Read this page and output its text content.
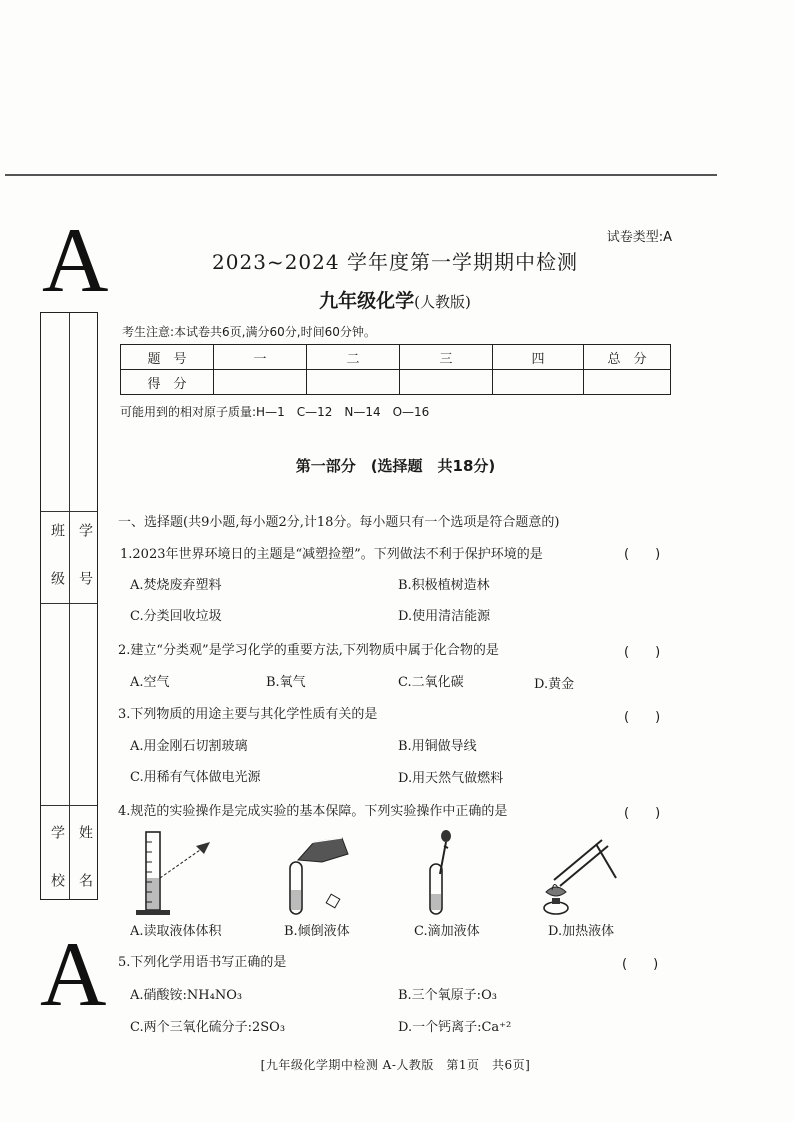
A
A
班　级 学　号
学　校 姓　名
试卷类型:A
2023~2024 学年度第一学期期中检测
九年级化学(人教版)
考生注意:本试卷共6页,满分60分,时间60分钟。
题　号	一	二	三	四	总　分
得　分					
可能用到的相对原子质量:H—1　C—12　N—14　O—16
第一部分　(选择题　共18分)
一、选择题(共9小题,每小题2分,计18分。每小题只有一个选项是符合题意的)
1.2023年世界环境日的主题是“减塑捡塑”。下列做法不利于保护环境的是	(　　)
A.焚烧废弃塑料	B.积极植树造林
C.分类回收垃圾	D.使用清洁能源
2.建立“分类观”是学习化学的重要方法,下列物质中属于化合物的是	(　　)
A.空气	B.氧气	C.二氧化碳	D.黄金
3.下列物质的用途主要与其化学性质有关的是	(　　)
A.用金刚石切割玻璃	B.用铜做导线
C.用稀有气体做电光源	D.用天然气做燃料
4.规范的实验操作是完成实验的基本保障。下列实验操作中正确的是	(　　)
A.读取液体体积	B.倾倒液体	C.滴加液体	D.加热液体
5.下列化学用语书写正确的是	(　　)
A.硝酸铵:NH₄NO₃	B.三个氧原子:O₃
C.两个三氧化硫分子:2SO₃	D.一个钙离子:Ca⁺²
[九年级化学期中检测 A-人教版　第1页　共6页]
